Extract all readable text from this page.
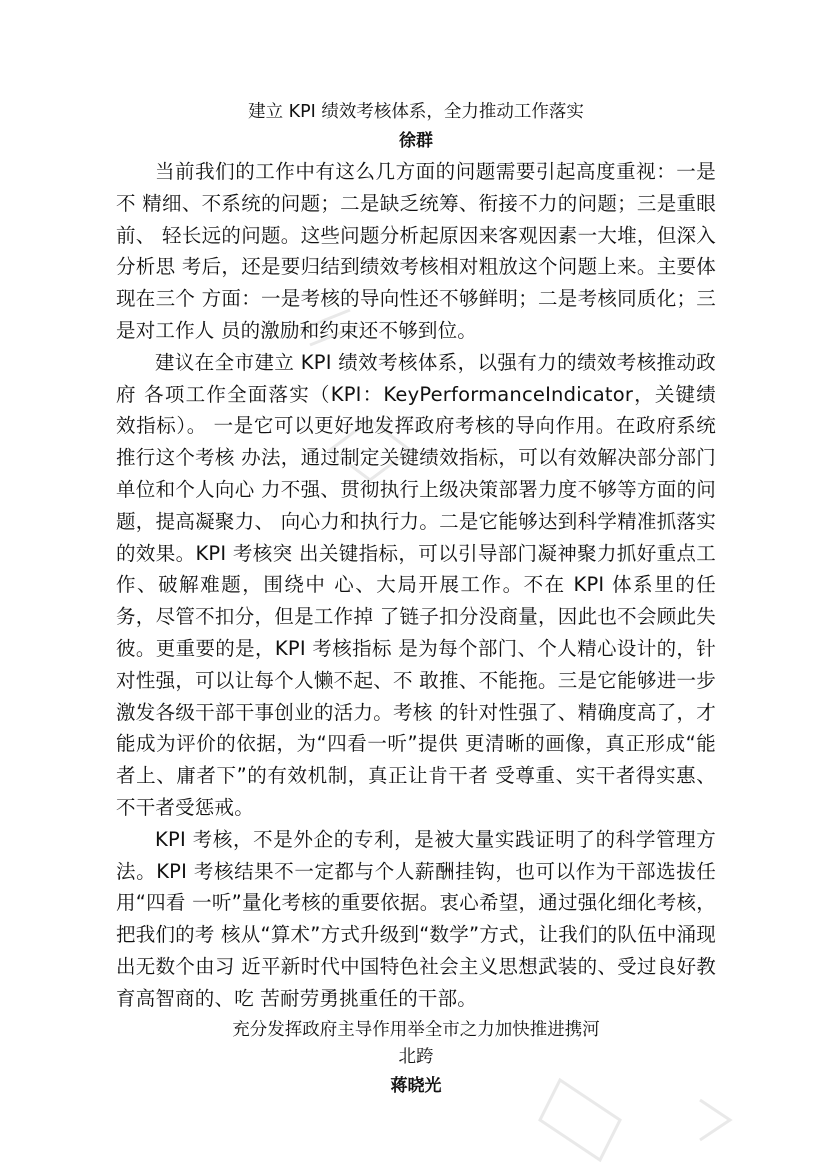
建立 KPI 绩效考核体系，全力推动工作落实
徐群

当前我们的工作中有这么几方面的问题需要引起高度重视：一是不 精细、不系统的问题；二是缺乏统筹、衔接不力的问题；三是重眼前、 轻长远的问题。这些问题分析起原因来客观因素一大堆，但深入分析思 考后，还是要归结到绩效考核相对粗放这个问题上来。主要体现在三个 方面：一是考核的导向性还不够鲜明；二是考核同质化；三是对工作人 员的激励和约束还不够到位。

建议在全市建立 KPI 绩效考核体系，以强有力的绩效考核推动政府 各项工作全面落实（KPI：KeyPerformanceIndicator，关键绩效指标）。 一是它可以更好地发挥政府考核的导向作用。在政府系统推行这个考核 办法，通过制定关键绩效指标，可以有效解决部分部门单位和个人向心 力不强、贯彻执行上级决策部署力度不够等方面的问题，提高凝聚力、 向心力和执行力。二是它能够达到科学精准抓落实的效果。KPI 考核突 出关键指标，可以引导部门凝神聚力抓好重点工作、破解难题，围绕中 心、大局开展工作。不在 KPI 体系里的任务，尽管不扣分，但是工作掉 了链子扣分没商量，因此也不会顾此失彼。更重要的是，KPI 考核指标 是为每个部门、个人精心设计的，针对性强，可以让每个人懒不起、不 敢推、不能拖。三是它能够进一步激发各级干部干事创业的活力。考核 的针对性强了、精确度高了，才能成为评价的依据，为“四看一听”提供 更清晰的画像，真正形成“能者上、庸者下”的有效机制，真正让肯干者 受尊重、实干者得实惠、不干者受惩戒。

KPI 考核，不是外企的专利，是被大量实践证明了的科学管理方法。KPI 考核结果不一定都与个人薪酬挂钩，也可以作为干部选拔任用“四看 一听”量化考核的重要依据。衷心希望，通过强化细化考核，把我们的考 核从“算术”方式升级到“数学”方式，让我们的队伍中涌现出无数个由习 近平新时代中国特色社会主义思想武装的、受过良好教育高智商的、吃 苦耐劳勇挑重任的干部。

充分发挥政府主导作用举全市之力加快推进携河
北跨
蒋晓光
